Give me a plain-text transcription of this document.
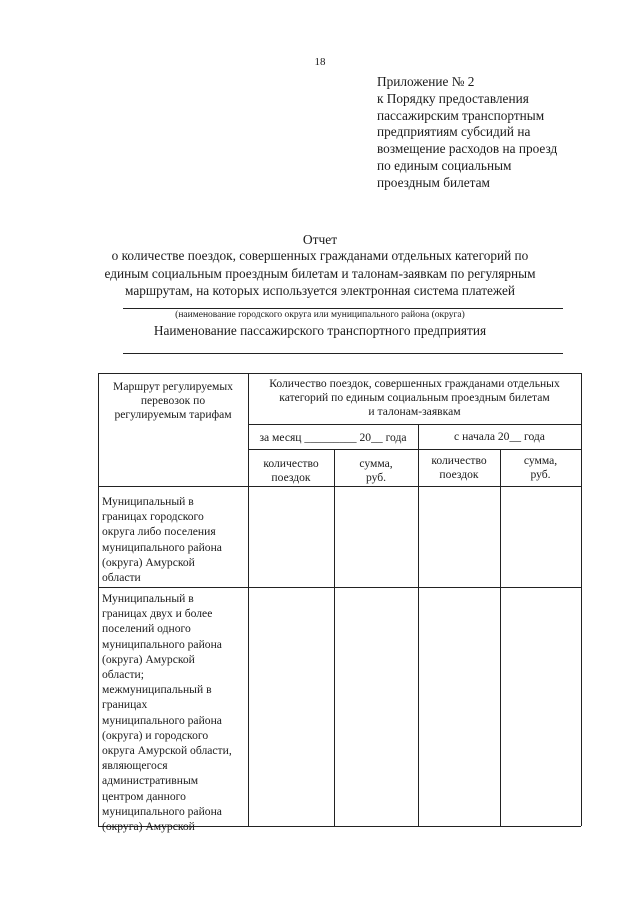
18
Приложение № 2
к Порядку предоставления
пассажирским транспортным
предприятиям субсидий на
возмещение расходов на проезд
по единым социальным
проездным билетам
Отчет
о количестве поездок, совершенных гражданами отдельных категорий по
единым социальным проездным билетам и талонам-заявкам по регулярным
маршрутам, на которых используется электронная система платежей
(наименование городского округа или муниципального района (округа)
Наименование пассажирского транспортного предприятия
Маршрут регулируемых
перевозок по
регулируемым тарифам
Количество поездок, совершенных гражданами отдельных
категорий по единым социальным проездным билетам
и талонам-заявкам
за месяц _________ 20__ года	с начала 20__ года
количество
поездок
сумма,
руб.
количество
поездок
сумма,
руб.
Муниципальный в
границах городского
округа либо поселения
муниципального района
(округа) Амурской
области
Муниципальный в
границах двух и более
поселений одного
муниципального района
(округа) Амурской
области;
межмуниципальный в
границах
муниципального района
(округа) и городского
округа Амурской области,
являющегося
административным
центром данного
муниципального района
(округа) Амурской
